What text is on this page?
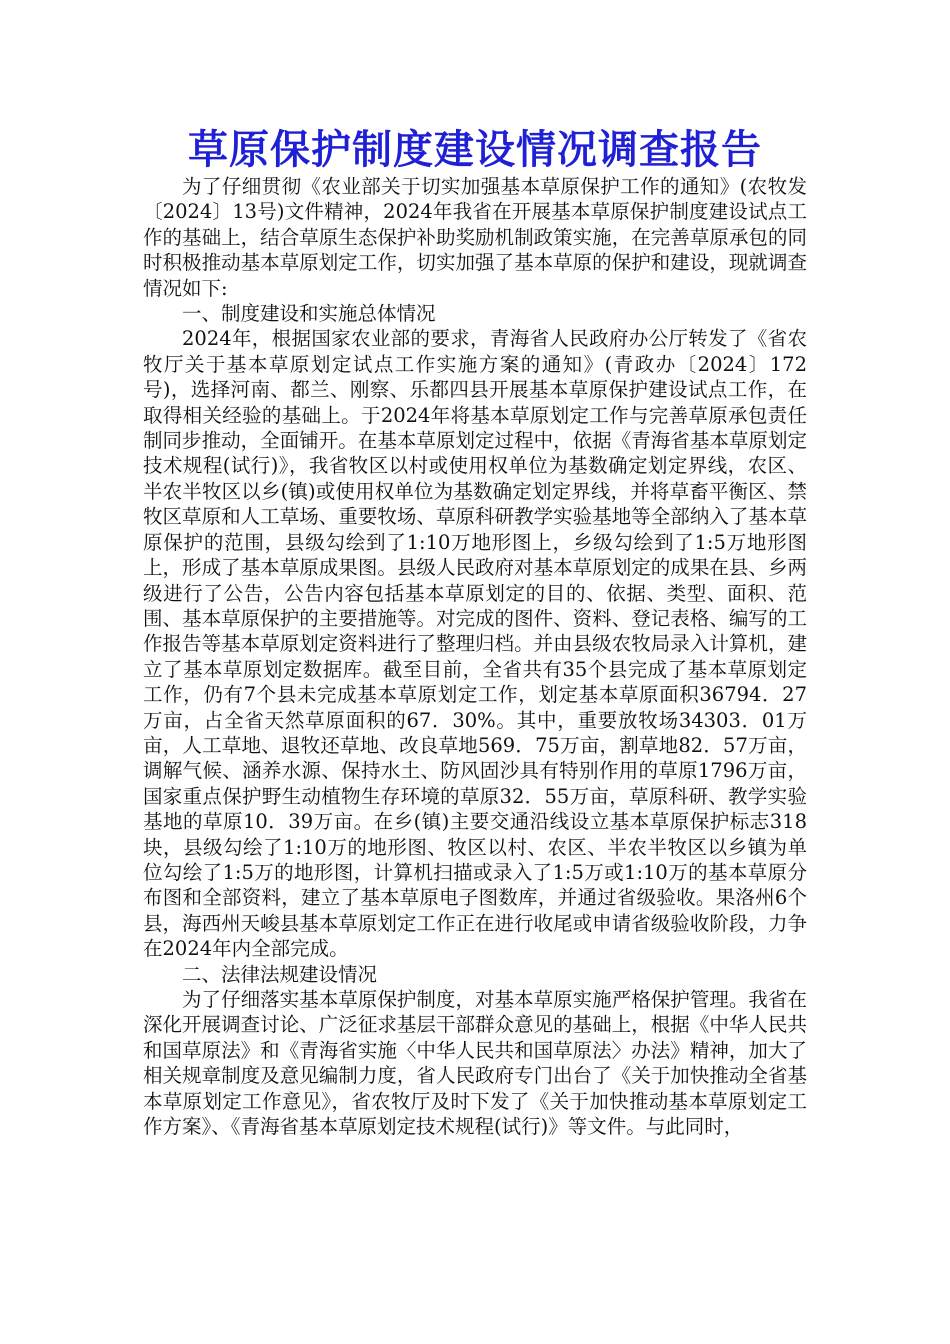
草原保护制度建设情况调查报告

为了仔细贯彻《农业部关于切实加强基本草原保护工作的通知》(农牧发〔2024〕13号)文件精神，2024年我省在开展基本草原保护制度建设试点工作的基础上，结合草原生态保护补助奖励机制政策实施，在完善草原承包的同时积极推动基本草原划定工作，切实加强了基本草原的保护和建设，现就调查情况如下:

一、制度建设和实施总体情况

2024年，根据国家农业部的要求，青海省人民政府办公厅转发了《省农牧厅关于基本草原划定试点工作实施方案的通知》(青政办〔2024〕172号)，选择河南、都兰、刚察、乐都四县开展基本草原保护建设试点工作，在取得相关经验的基础上。于2024年将基本草原划定工作与完善草原承包责任制同步推动，全面铺开。在基本草原划定过程中，依据《青海省基本草原划定技术规程(试行)》，我省牧区以村或使用权单位为基数确定划定界线，农区、半农半牧区以乡(镇)或使用权单位为基数确定划定界线，并将草畜平衡区、禁牧区草原和人工草场、重要牧场、草原科研教学实验基地等全部纳入了基本草原保护的范围，县级勾绘到了1:10万地形图上，乡级勾绘到了1:5万地形图上，形成了基本草原成果图。县级人民政府对基本草原划定的成果在县、乡两级进行了公告，公告内容包括基本草原划定的目的、依据、类型、面积、范围、基本草原保护的主要措施等。对完成的图件、资料、登记表格、编写的工作报告等基本草原划定资料进行了整理归档。并由县级农牧局录入计算机，建立了基本草原划定数据库。截至目前，全省共有35个县完成了基本草原划定工作，仍有7个县未完成基本草原划定工作，划定基本草原面积36794．27万亩，占全省天然草原面积的67．30%。其中，重要放牧场34303．01万亩，人工草地、退牧还草地、改良草地569．75万亩，割草地82．57万亩，调解气候、涵养水源、保持水土、防风固沙具有特别作用的草原1796万亩，国家重点保护野生动植物生存环境的草原32．55万亩，草原科研、教学实验基地的草原10．39万亩。在乡(镇)主要交通沿线设立基本草原保护标志318块，县级勾绘了1:10万的地形图、牧区以村、农区、半农半牧区以乡镇为单位勾绘了1:5万的地形图，计算机扫描或录入了1:5万或1:10万的基本草原分布图和全部资料，建立了基本草原电子图数库，并通过省级验收。果洛州6个县，海西州天峻县基本草原划定工作正在进行收尾或申请省级验收阶段，力争在2024年内全部完成。

二、法律法规建设情况

为了仔细落实基本草原保护制度，对基本草原实施严格保护管理。我省在深化开展调查讨论、广泛征求基层干部群众意见的基础上，根据《中华人民共和国草原法》和《青海省实施〈中华人民共和国草原法〉办法》精神，加大了相关规章制度及意见编制力度，省人民政府专门出台了《关于加快推动全省基本草原划定工作意见》，省农牧厅及时下发了《关于加快推动基本草原划定工作方案》、《青海省基本草原划定技术规程(试行)》等文件。与此同时，
